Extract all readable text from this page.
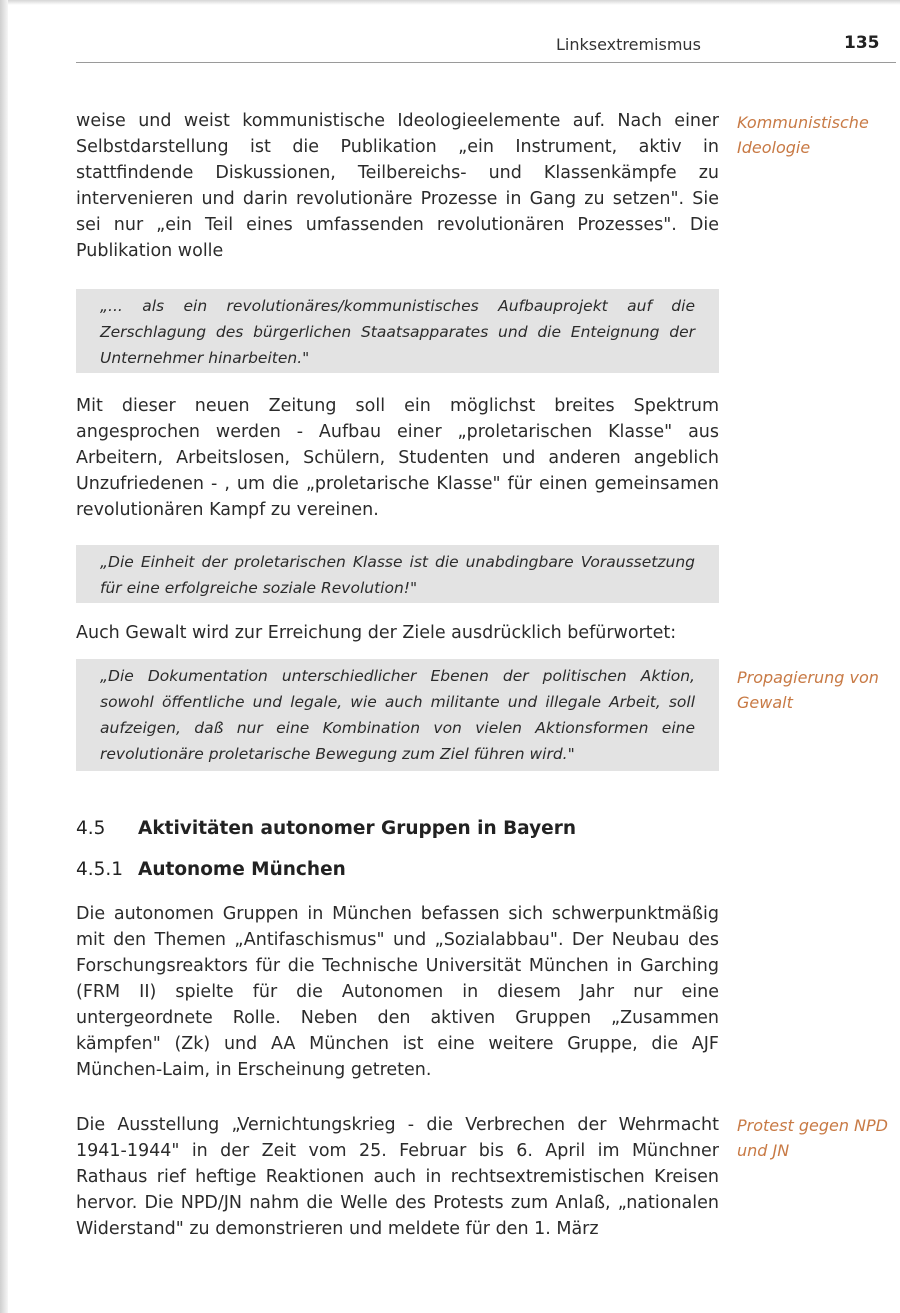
Linksextremismus	135

weise und weist kommunistische Ideologieelemente auf. Nach einer Selbstdarstellung ist die Publikation „ein Instrument, aktiv in stattfindende Diskussionen, Teilbereichs- und Klassenkämpfe zu intervenieren und darin revolutionäre Prozesse in Gang zu setzen". Sie sei nur „ein Teil eines umfassenden revolutionären Prozesses". Die Publikation wolle

Kommunistische Ideologie

„... als ein revolutionäres/kommunistisches Aufbauprojekt auf die Zerschlagung des bürgerlichen Staatsapparates und die Enteignung der Unternehmer hinarbeiten."

Mit dieser neuen Zeitung soll ein möglichst breites Spektrum angesprochen werden - Aufbau einer „proletarischen Klasse" aus Arbeitern, Arbeitslosen, Schülern, Studenten und anderen angeblich Unzufriedenen - , um die „proletarische Klasse" für einen gemeinsamen revolutionären Kampf zu vereinen.

„Die Einheit der proletarischen Klasse ist die unabdingbare Voraussetzung für eine erfolgreiche soziale Revolution!"

Auch Gewalt wird zur Erreichung der Ziele ausdrücklich befürwortet:

„Die Dokumentation unterschiedlicher Ebenen der politischen Aktion, sowohl öffentliche und legale, wie auch militante und illegale Arbeit, soll aufzeigen, daß nur eine Kombination von vielen Aktionsformen eine revolutionäre proletarische Bewegung zum Ziel führen wird."

Propagierung von Gewalt

4.5 Aktivitäten autonomer Gruppen in Bayern
4.5.1 Autonome München

Die autonomen Gruppen in München befassen sich schwerpunktmäßig mit den Themen „Antifaschismus" und „Sozialabbau". Der Neubau des Forschungsreaktors für die Technische Universität München in Garching (FRM II) spielte für die Autonomen in diesem Jahr nur eine untergeordnete Rolle. Neben den aktiven Gruppen „Zusammen kämpfen" (Zk) und AA München ist eine weitere Gruppe, die AJF München-Laim, in Erscheinung getreten.

Die Ausstellung „Vernichtungskrieg - die Verbrechen der Wehrmacht 1941-1944" in der Zeit vom 25. Februar bis 6. April im Münchner Rathaus rief heftige Reaktionen auch in rechtsextremistischen Kreisen hervor. Die NPD/JN nahm die Welle des Protests zum Anlaß, „nationalen Widerstand" zu demonstrieren und meldete für den 1. März

Protest gegen NPD und JN
